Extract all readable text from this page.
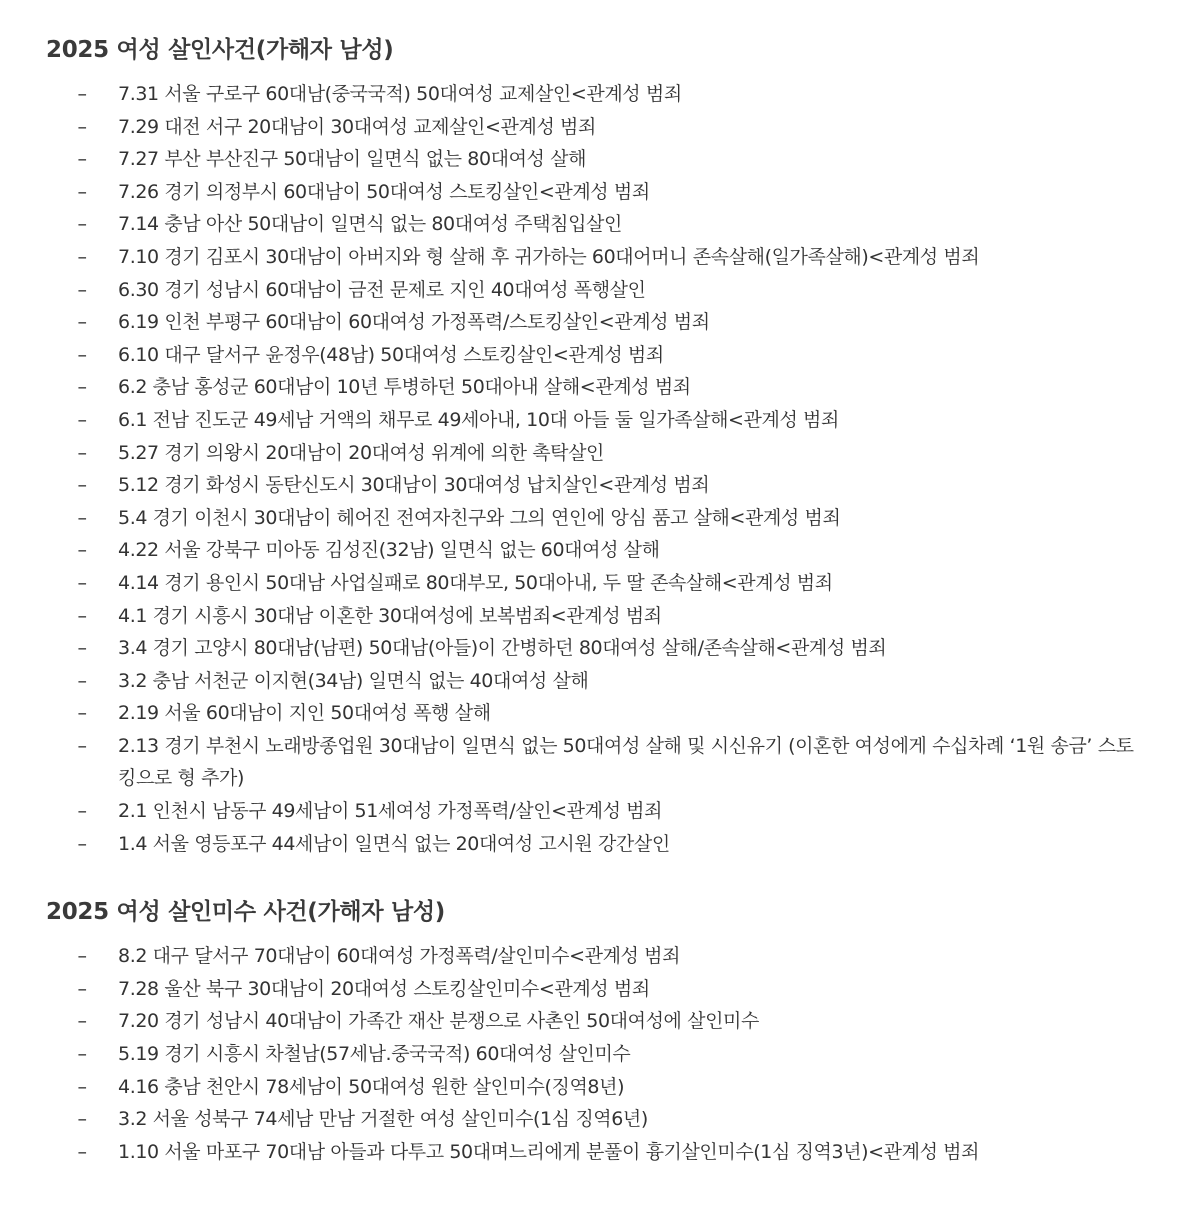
2025 여성 살인사건(가해자 남성)
– 7.31 서울 구로구 60대남(중국국적) 50대여성 교제살인<관계성 범죄
– 7.29 대전 서구 20대남이 30대여성 교제살인<관계성 범죄
– 7.27 부산 부산진구 50대남이 일면식 없는 80대여성 살해
– 7.26 경기 의정부시 60대남이 50대여성 스토킹살인<관계성 범죄
– 7.14 충남 아산 50대남이 일면식 없는 80대여성 주택침입살인
– 7.10 경기 김포시 30대남이 아버지와 형 살해 후 귀가하는 60대어머니 존속살해(일가족살해)<관계성 범죄
– 6.30 경기 성남시 60대남이 금전 문제로 지인 40대여성 폭행살인
– 6.19 인천 부평구 60대남이 60대여성 가정폭력/스토킹살인<관계성 범죄
– 6.10 대구 달서구 윤정우(48남) 50대여성 스토킹살인<관계성 범죄
– 6.2 충남 홍성군 60대남이 10년 투병하던 50대아내 살해<관계성 범죄
– 6.1 전남 진도군 49세남 거액의 채무로 49세아내, 10대 아들 둘 일가족살해<관계성 범죄
– 5.27 경기 의왕시 20대남이 20대여성 위계에 의한 촉탁살인
– 5.12 경기 화성시 동탄신도시 30대남이 30대여성 납치살인<관계성 범죄
– 5.4 경기 이천시 30대남이 헤어진 전여자친구와 그의 연인에 앙심 품고 살해<관계성 범죄
– 4.22 서울 강북구 미아동 김성진(32남) 일면식 없는 60대여성 살해
– 4.14 경기 용인시 50대남 사업실패로 80대부모, 50대아내, 두 딸 존속살해<관계성 범죄
– 4.1 경기 시흥시 30대남 이혼한 30대여성에 보복범죄<관계성 범죄
– 3.4 경기 고양시 80대남(남편) 50대남(아들)이 간병하던 80대여성 살해/존속살해<관계성 범죄
– 3.2 충남 서천군 이지현(34남) 일면식 없는 40대여성 살해
– 2.19 서울 60대남이 지인 50대여성 폭행 살해
– 2.13 경기 부천시 노래방종업원 30대남이 일면식 없는 50대여성 살해 및 시신유기 (이혼한 여성에게 수십차례 ‘1원 송금’ 스토킹으로 형 추가)
– 2.1 인천시 남동구 49세남이 51세여성 가정폭력/살인<관계성 범죄
– 1.4 서울 영등포구 44세남이 일면식 없는 20대여성 고시원 강간살인
2025 여성 살인미수 사건(가해자 남성)
– 8.2 대구 달서구 70대남이 60대여성 가정폭력/살인미수<관계성 범죄
– 7.28 울산 북구 30대남이 20대여성 스토킹살인미수<관계성 범죄
– 7.20 경기 성남시 40대남이 가족간 재산 분쟁으로 사촌인 50대여성에 살인미수
– 5.19 경기 시흥시 차철남(57세남.중국국적) 60대여성 살인미수
– 4.16 충남 천안시 78세남이 50대여성 원한 살인미수(징역8년)
– 3.2 서울 성북구 74세남 만남 거절한 여성 살인미수(1심 징역6년)
– 1.10 서울 마포구 70대남 아들과 다투고 50대며느리에게 분풀이 흉기살인미수(1심 징역3년)<관계성 범죄
